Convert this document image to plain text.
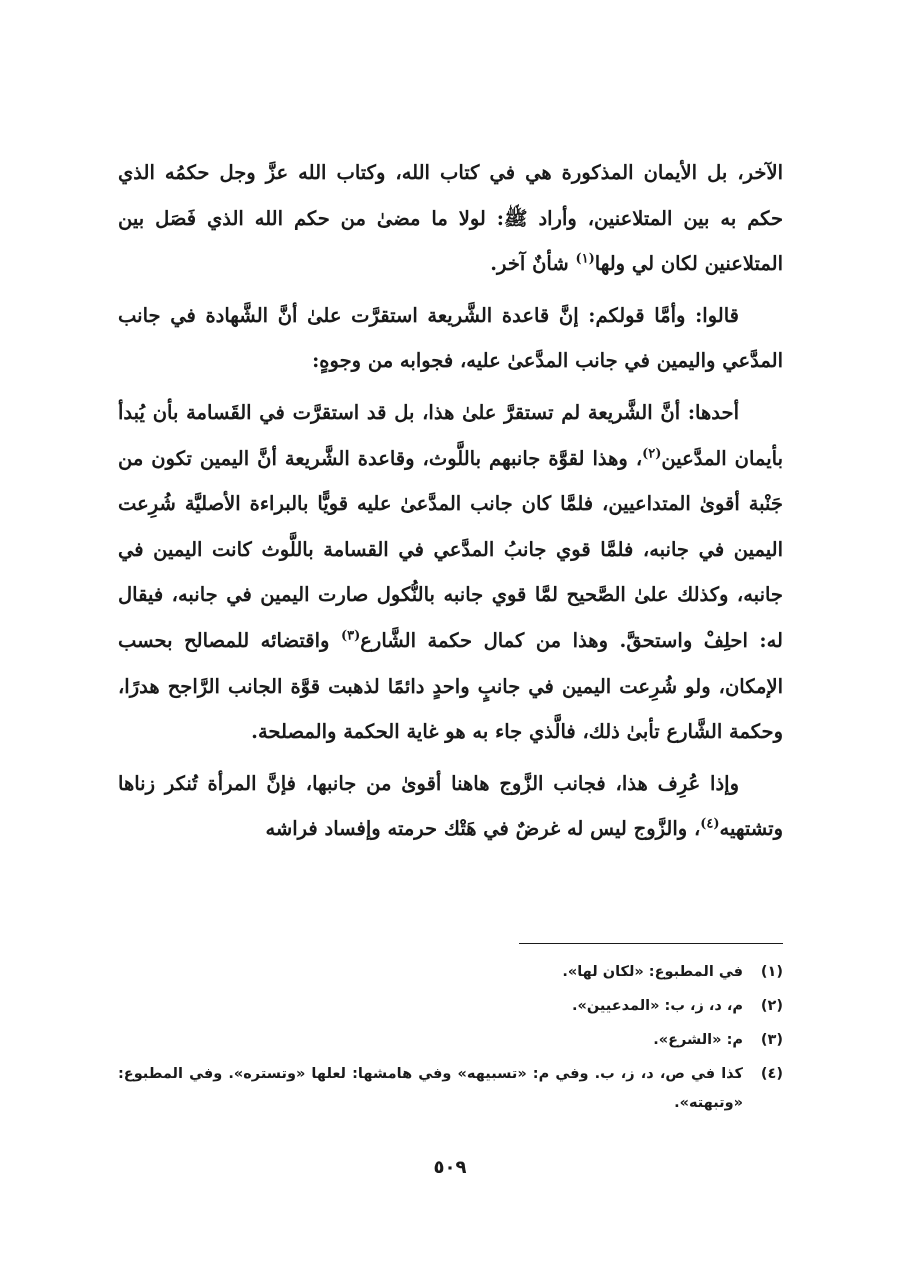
الآخر، بل الأيمان المذكورة هي في كتاب الله، وكتاب الله عزَّ وجل حكمُه الذي حكم به بين المتلاعنين، وأراد ﷺ: لولا ما مضىٰ من حكم الله الذي فَصَل بين المتلاعنين لكان لي ولها$^{(١)}$ شأنٌ آخر.

قالوا: وأمَّا قولكم: إنَّ قاعدة الشَّريعة استقرَّت علىٰ أنَّ الشَّهادة في جانب المدَّعي واليمين في جانب المدَّعىٰ عليه، فجوابه من وجوهٍ:

أحدها: أنَّ الشَّريعة لم تستقرَّ علىٰ هذا، بل قد استقرَّت في القَسامة بأن يُبدأ بأيمان المدَّعين$^{(٢)}$، وهذا لقوَّة جانبهم باللَّوث، وقاعدة الشَّريعة أنَّ اليمين تكون من جَنْبة أقوىٰ المتداعيين، فلمَّا كان جانب المدَّعىٰ عليه قويًّا بالبراءة الأصليَّة شُرِعت اليمين في جانبه، فلمَّا قوي جانبُ المدَّعي في القسامة باللَّوث كانت اليمين في جانبه، وكذلك علىٰ الصَّحيح لمَّا قوي جانبه بالنُّكول صارت اليمين في جانبه، فيقال له: احلِفْ واستحقَّ. وهذا من كمال حكمة الشَّارع$^{(٣)}$ واقتضائه للمصالح بحسب الإمكان، ولو شُرِعت اليمين في جانبٍ واحدٍ دائمًا لذهبت قوَّة الجانب الرَّاجح هدرًا، وحكمة الشَّارع تأبىٰ ذلك، فالَّذي جاء به هو غاية الحكمة والمصلحة.

وإذا عُرِف هذا، فجانب الزَّوج هاهنا أقوىٰ من جانبها، فإنَّ المرأة تُنكر زناها وتشتهيه$^{(٤)}$، والزَّوج ليس له غرضٌ في هَتْك حرمته وإفساد فراشه

(١)
في المطبوع: «لكان لها».
(٢)
م، د، ز، ب: «المدعيين».
(٣)
م: «الشرع».
(٤)
كذا في ص، د، ز، ب. وفي م: «تسبيهه» وفي هامشها: لعلها «وتستره». وفي المطبوع: «وتبهته».
٥٠٩
